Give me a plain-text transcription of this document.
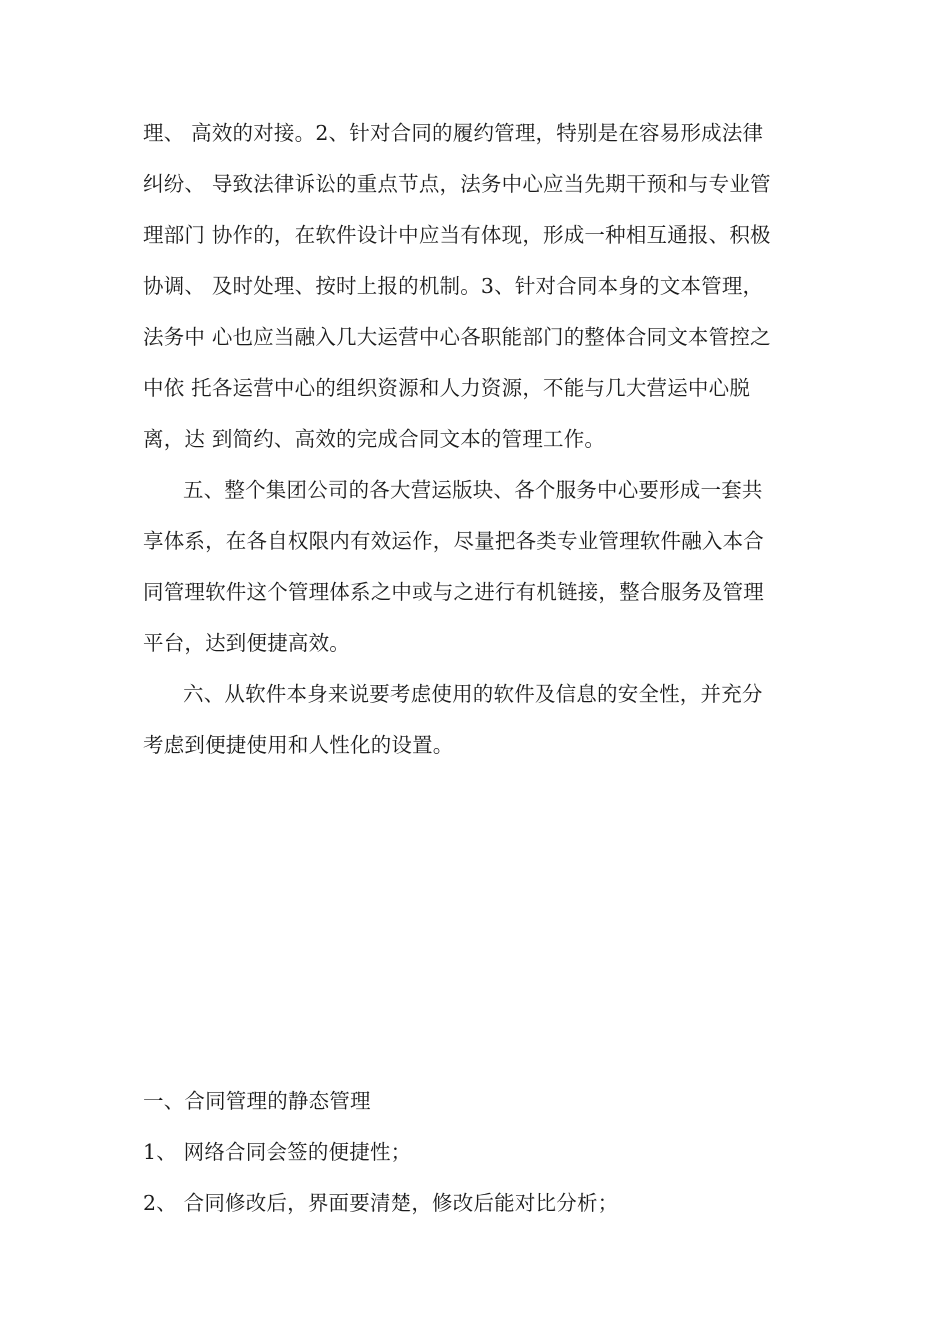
理、 高效的对接。2、针对合同的履约管理，特别是在容易形成法律
纠纷、 导致法律诉讼的重点节点，法务中心应当先期干预和与专业管
理部门 协作的，在软件设计中应当有体现，形成一种相互通报、积极
协调、 及时处理、按时上报的机制。3、针对合同本身的文本管理，
法务中 心也应当融入几大运营中心各职能部门的整体合同文本管控之
中依 托各运营中心的组织资源和人力资源，不能与几大营运中心脱
离，达 到简约、高效的完成合同文本的管理工作。
五、整个集团公司的各大营运版块、各个服务中心要形成一套共
享体系，在各自权限内有效运作，尽量把各类专业管理软件融入本合
同管理软件这个管理体系之中或与之进行有机链接，整合服务及管理
平台，达到便捷高效。
六、从软件本身来说要考虑使用的软件及信息的安全性，并充分
考虑到便捷使用和人性化的设置。
一、合同管理的静态管理
1、 网络合同会签的便捷性；
2、 合同修改后，界面要清楚，修改后能对比分析；
